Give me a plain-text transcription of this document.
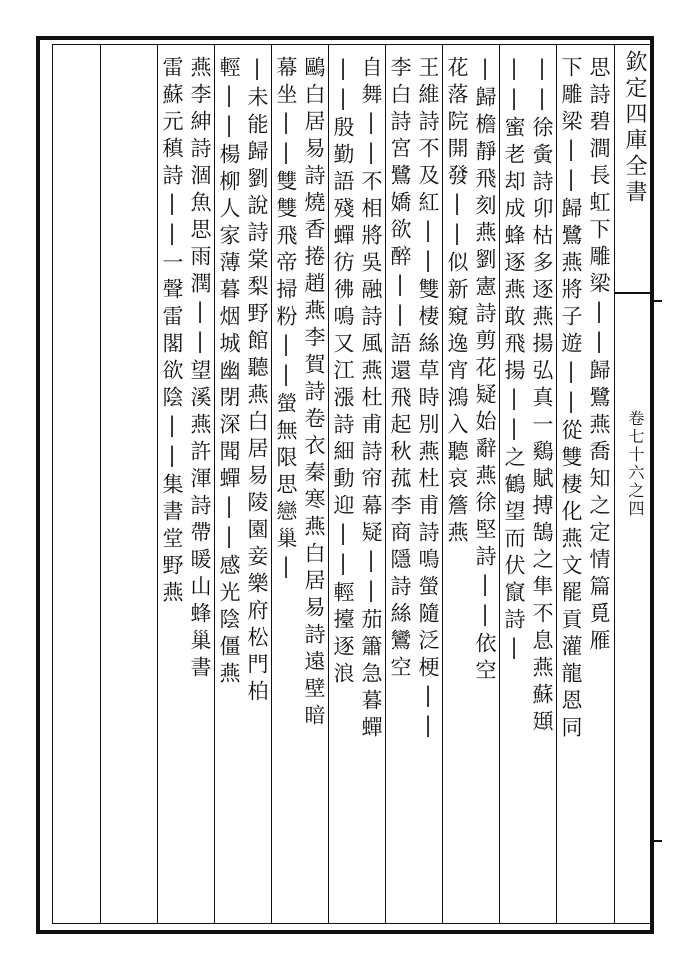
欽定四庫全書
卷七十六之四
思詩碧澗長虹下雕梁||歸鷺燕喬知之定情篇覓雁
下雕梁||歸鷺燕將子遊||從雙棲化燕文罷貢灌龍恩同
||徐夤詩卯枯多逐燕揚弘真一鷄賦搏鵠之隼不息燕蘇頲
||蜜老却成蜂逐燕敢飛揚||之鶴望而伏竄詩|
|歸檐靜飛刻燕劉憲詩剪花疑始辭燕徐堅詩||依空
花落院開發||似新窺逸宵鴻入聽哀簷燕
王維詩不及紅||雙棲絲草時別燕杜甫詩鳴螢隨泛梗||
李白詩宮鷺嬌欲醉||語還飛起秋菰李商隱詩絲鸞空
自舞||不相將吳融詩風燕杜甫詩帘幕疑||茄簫急暮蟬
||殷勤語殘蟬彷彿鳴又江漲詩細動迎||輕擡逐浪
鷗白居易詩燒香捲趙燕李賀詩卷衣秦寒燕白居易詩遠壁暗
幕坐||雙雙飛帝掃粉||螢無限思戀巢|
|未能歸劉說詩棠梨野館聽燕白居易陵園妾樂府松門柏
輕||楊柳人家薄暮烟城幽閉深聞蟬||感光陰僵燕
燕李紳詩涸魚思雨潤||望溪燕許渾詩帶暖山蜂巢書
雷蘇元稹詩||一聲雷閣欲陰||集書堂野燕
